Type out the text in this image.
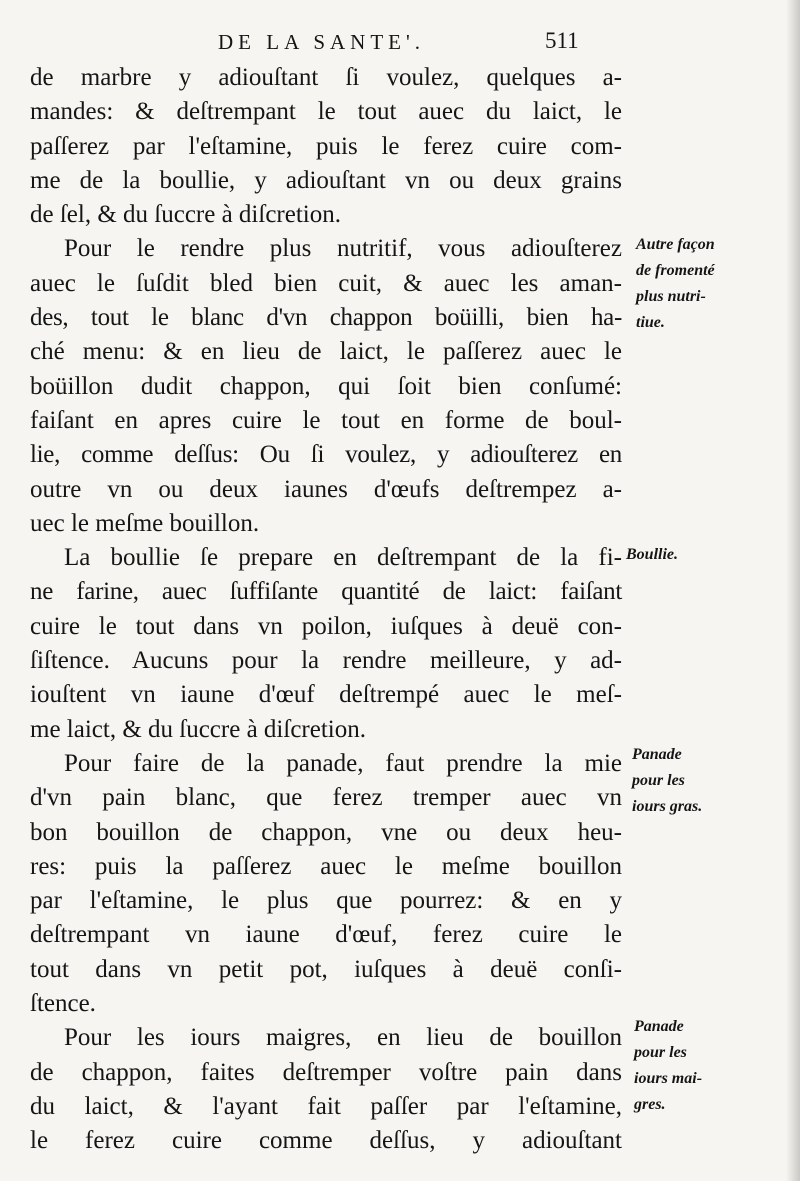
DE LA SANTE'.	511
de marbre y adiouſtant ſi voulez, quelques a-
mandes: & deſtrempant le tout auec du laict, le
paſſerez par l'eſtamine, puis le ferez cuire com-
me de la boullie, y adiouſtant vn ou deux grains
de ſel, & du ſuccre à diſcretion.
Pour le rendre plus nutritif, vous adiouſterez
auec le ſuſdit bled bien cuit, & auec les aman-
des, tout le blanc d'vn chappon boüilli, bien ha-
ché menu: & en lieu de laict, le paſſerez auec le
boüillon dudit chappon, qui ſoit bien conſumé:
faiſant en apres cuire le tout en forme de boul-
lie, comme deſſus: Ou ſi voulez, y adiouſterez en
outre vn ou deux iaunes d'œufs deſtrempez a-
uec le meſme bouillon.
La boullie ſe prepare en deſtrempant de la fi-
ne farine, auec ſuffiſante quantité de laict: faiſant
cuire le tout dans vn poilon, iuſques à deuë con-
ſiſtence. Aucuns pour la rendre meilleure, y ad-
iouſtent vn iaune d'œuf deſtrempé auec le meſ-
me laict, & du ſuccre à diſcretion.
Pour faire de la panade, faut prendre la mie
d'vn pain blanc, que ferez tremper auec vn
bon bouillon de chappon, vne ou deux heu-
res: puis la paſſerez auec le meſme bouillon
par l'eſtamine, le plus que pourrez: & en y
deſtrempant vn iaune d'œuf, ferez cuire le
tout dans vn petit pot, iuſques à deuë conſi-
ſtence.
Pour les iours maigres, en lieu de bouillon
de chappon, faites deſtremper voſtre pain dans
du laict, & l'ayant fait paſſer par l'eſtamine,
le ferez cuire comme deſſus, y adiouſtant
Autre façon
de fromenté
plus nutri-
tiue.
Boullie.
Panade
pour les
iours gras.
Panade
pour les
iours mai-
gres.
